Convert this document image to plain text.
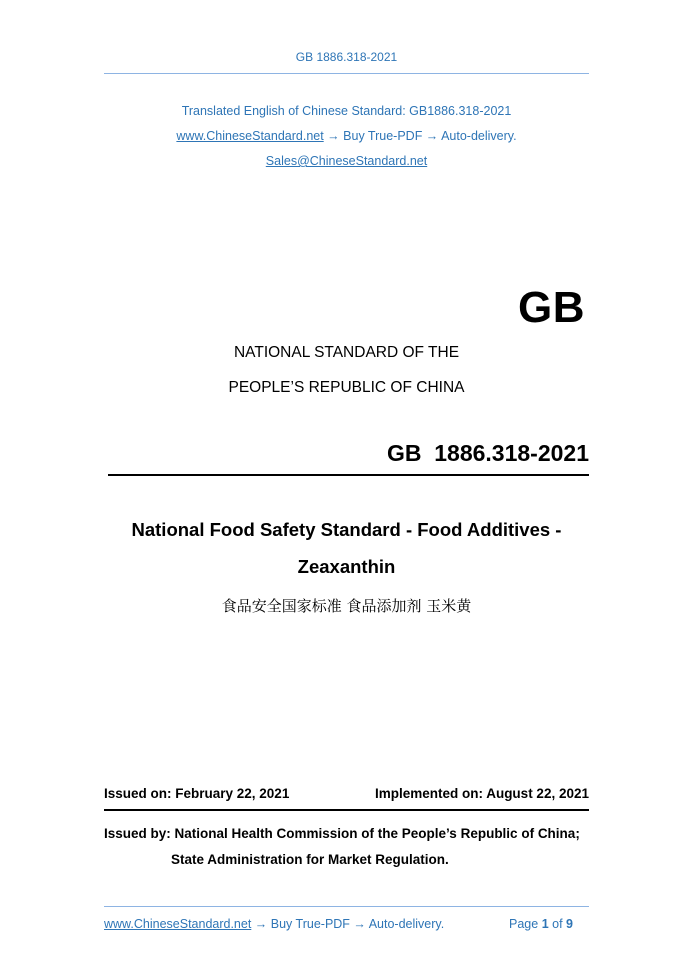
GB 1886.318-2021
Translated English of Chinese Standard: GB1886.318-2021
www.ChineseStandard.net → Buy True-PDF → Auto-delivery.
Sales@ChineseStandard.net
GB
NATIONAL STANDARD OF THE
PEOPLE’S REPUBLIC OF CHINA
GB  1886.318-2021
National Food Safety Standard - Food Additives -
Zeaxanthin
食品安全国家标准 食品添加剂 玉米黄
Issued on: February 22, 2021	Implemented on: August 22, 2021
Issued by: National Health Commission of the People’s Republic of China;
State Administration for Market Regulation.
www.ChineseStandard.net → Buy True-PDF → Auto-delivery.	Page 1 of 9
